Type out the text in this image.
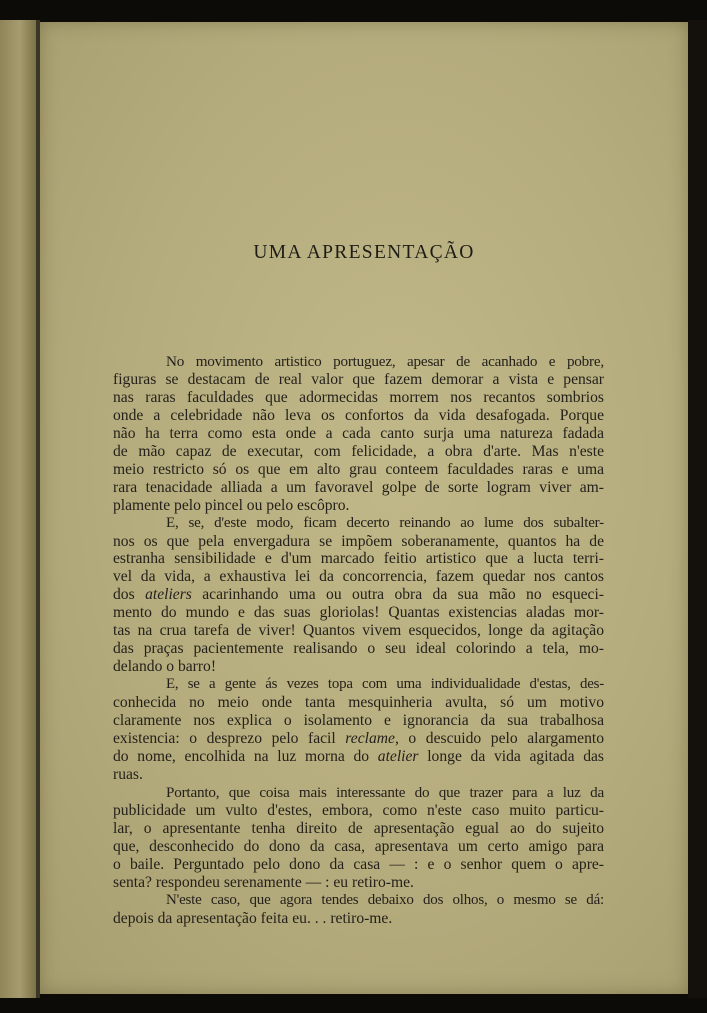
UMA APRESENTAÇÃO

No movimento artistico portuguez, apesar de acanhado e pobre,
figuras se destacam de real valor que fazem demorar a vista e pensar
nas raras faculdades que adormecidas morrem nos recantos sombrios
onde a celebridade não leva os confortos da vida desafogada. Porque
não ha terra como esta onde a cada canto surja uma natureza fadada
de mão capaz de executar, com felicidade, a obra d'arte. Mas n'este
meio restricto só os que em alto grau conteem faculdades raras e uma
rara tenacidade alliada a um favoravel golpe de sorte logram viver am-
plamente pelo pincel ou pelo escôpro.

E, se, d'este modo, ficam decerto reinando ao lume dos subalter-
nos os que pela envergadura se impõem soberanamente, quantos ha de
estranha sensibilidade e d'um marcado feitio artistico que a lucta terri-
vel da vida, a exhaustiva lei da concorrencia, fazem quedar nos cantos
dos ateliers acarinhando uma ou outra obra da sua mão no esqueci-
mento do mundo e das suas gloriolas! Quantas existencias aladas mor-
tas na crua tarefa de viver! Quantos vivem esquecidos, longe da agitação
das praças pacientemente realisando o seu ideal colorindo a tela, mo-
delando o barro!

E, se a gente ás vezes topa com uma individualidade d'estas, des-
conhecida no meio onde tanta mesquinheria avulta, só um motivo
claramente nos explica o isolamento e ignorancia da sua trabalhosa
existencia: o desprezo pelo facil reclame, o descuido pelo alargamento
do nome, encolhida na luz morna do atelier longe da vida agitada das
ruas.

Portanto, que coisa mais interessante do que trazer para a luz da
publicidade um vulto d'estes, embora, como n'este caso muito particu-
lar, o apresentante tenha direito de apresentação egual ao do sujeito
que, desconhecido do dono da casa, apresentava um certo amigo para
o baile. Perguntado pelo dono da casa — : e o senhor quem o apre-
senta? respondeu serenamente — : eu retiro-me.

N'este caso, que agora tendes debaixo dos olhos, o mesmo se dá:
depois da apresentação feita eu. . . retiro-me.
